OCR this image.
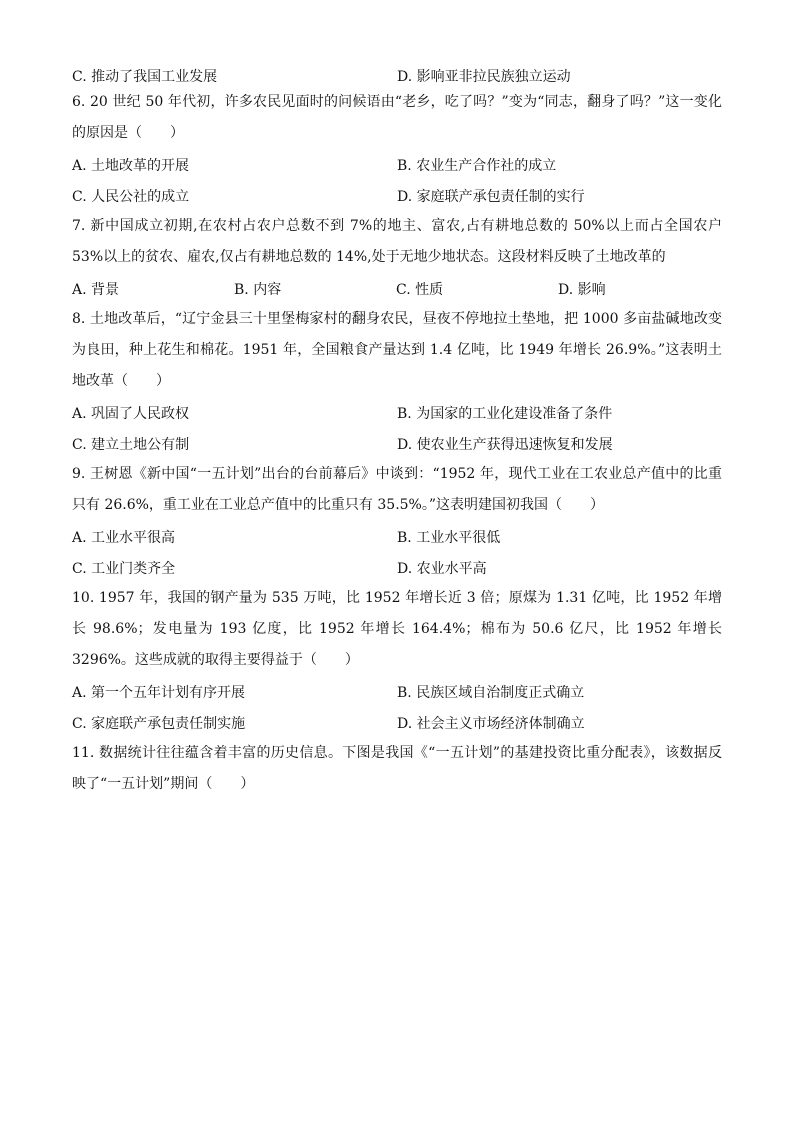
C. 推动了我国工业发展	D. 影响亚非拉民族独立运动
6. 20 世纪 50 年代初，许多农民见面时的问候语由“老乡，吃了吗？”变为“同志，翻身了吗？”这一变化的原因是（　　）
A. 土地改革的开展	B. 农业生产合作社的成立
C. 人民公社的成立	D. 家庭联产承包责任制的实行
7. 新中国成立初期,在农村占农户总数不到 7%的地主、富农,占有耕地总数的 50%以上而占全国农户 53%以上的贫农、雇农,仅占有耕地总数的 14%,处于无地少地状态。这段材料反映了土地改革的
A. 背景	B. 内容	C. 性质	D. 影响
8. 土地改革后，“辽宁金县三十里堡梅家村的翻身农民，昼夜不停地拉土垫地，把 1000 多亩盐碱地改变为良田，种上花生和棉花。1951 年，全国粮食产量达到 1.4 亿吨，比 1949 年增长 26.9%。”这表明土地改革（　　）
A. 巩固了人民政权	B. 为国家的工业化建设准备了条件
C. 建立土地公有制	D. 使农业生产获得迅速恢复和发展
9. 王树恩《新中国“一五计划”出台的台前幕后》中谈到：“1952 年，现代工业在工农业总产值中的比重只有 26.6%，重工业在工业总产值中的比重只有 35.5%。”这表明建国初我国（　　）
A. 工业水平很高	B. 工业水平很低
C. 工业门类齐全	D. 农业水平高
10. 1957 年，我国的钢产量为 535 万吨，比 1952 年增长近 3 倍；原煤为 1.31 亿吨，比 1952 年增长 98.6%；发电量为 193 亿度，比 1952 年增长 164.4%；棉布为 50.6 亿尺，比 1952 年增长 3296%。这些成就的取得主要得益于（　　）
A. 第一个五年计划有序开展	B. 民族区域自治制度正式确立
C. 家庭联产承包责任制实施	D. 社会主义市场经济体制确立
11. 数据统计往往蕴含着丰富的历史信息。下图是我国《“一五计划”的基建投资比重分配表》，该数据反映了“一五计划”期间（　　）
